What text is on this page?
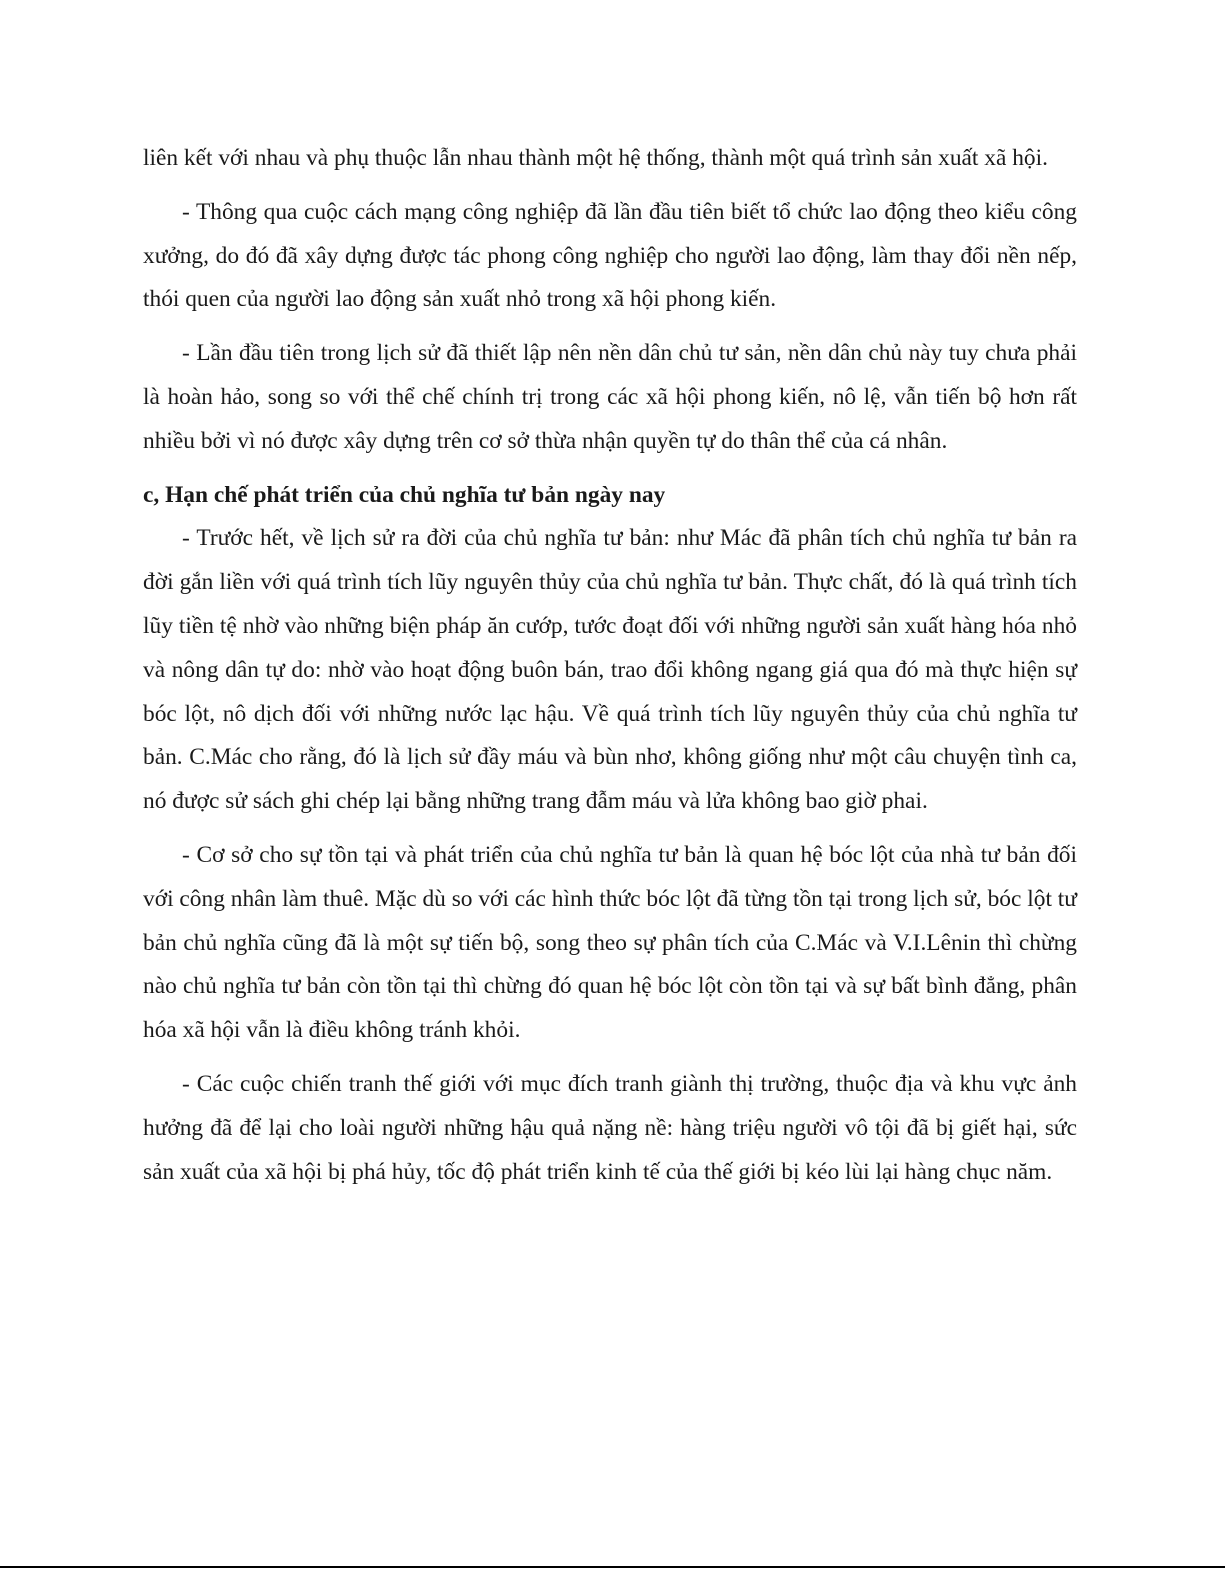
liên kết với nhau và phụ thuộc lẫn nhau thành một hệ thống, thành một quá trình sản xuất xã hội.

- Thông qua cuộc cách mạng công nghiệp đã lần đầu tiên biết tổ chức lao động theo kiểu công xưởng, do đó đã xây dựng được tác phong công nghiệp cho người lao động, làm thay đổi nền nếp, thói quen của người lao động sản xuất nhỏ trong xã hội phong kiến.

- Lần đầu tiên trong lịch sử đã thiết lập nên nền dân chủ tư sản, nền dân chủ này tuy chưa phải là hoàn hảo, song so với thể chế chính trị trong các xã hội phong kiến, nô lệ, vẫn tiến bộ hơn rất nhiều bởi vì nó được xây dựng trên cơ sở thừa nhận quyền tự do thân thể của cá nhân.

c, Hạn chế phát triển của chủ nghĩa tư bản ngày nay

- Trước hết, về lịch sử ra đời của chủ nghĩa tư bản: như Mác đã phân tích chủ nghĩa tư bản ra đời gắn liền với quá trình tích lũy nguyên thủy của chủ nghĩa tư bản. Thực chất, đó là quá trình tích lũy tiền tệ nhờ vào những biện pháp ăn cướp, tước đoạt đối với những người sản xuất hàng hóa nhỏ và nông dân tự do: nhờ vào hoạt động buôn bán, trao đổi không ngang giá qua đó mà thực hiện sự bóc lột, nô dịch đối với những nước lạc hậu. Về quá trình tích lũy nguyên thủy của chủ nghĩa tư bản. C.Mác cho rằng, đó là lịch sử đầy máu và bùn nhơ, không giống như một câu chuyện tình ca, nó được sử sách ghi chép lại bằng những trang đẫm máu và lửa không bao giờ phai.

- Cơ sở cho sự tồn tại và phát triển của chủ nghĩa tư bản là quan hệ bóc lột của nhà tư bản đối với công nhân làm thuê. Mặc dù so với các hình thức bóc lột đã từng tồn tại trong lịch sử, bóc lột tư bản chủ nghĩa cũng đã là một sự tiến bộ, song theo sự phân tích của C.Mác và V.I.Lênin thì chừng nào chủ nghĩa tư bản còn tồn tại thì chừng đó quan hệ bóc lột còn tồn tại và sự bất bình đẳng, phân hóa xã hội vẫn là điều không tránh khỏi.

- Các cuộc chiến tranh thế giới với mục đích tranh giành thị trường, thuộc địa và khu vực ảnh hưởng đã để lại cho loài người những hậu quả nặng nề: hàng triệu người vô tội đã bị giết hại, sức sản xuất của xã hội bị phá hủy, tốc độ phát triển kinh tế của thế giới bị kéo lùi lại hàng chục năm.
